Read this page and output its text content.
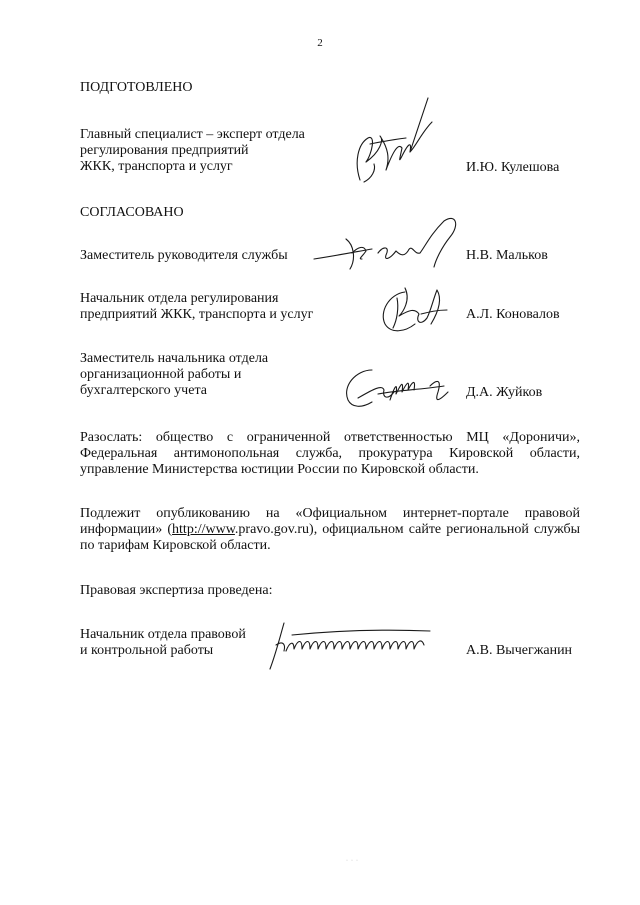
2
ПОДГОТОВЛЕНО
Главный специалист – эксперт отдела
регулирования предприятий
ЖКК, транспорта и услуг	И.Ю. Кулешова
СОГЛАСОВАНО
Заместитель руководителя службы	Н.В. Мальков
Начальник отдела регулирования
предприятий ЖКК, транспорта и услуг	А.Л. Коновалов
Заместитель начальника отдела
организационной работы и
бухгалтерского учета	Д.А. Жуйков
Разослать: общество с ограниченной ответственностью МЦ «Дороничи», Федеральная антимонопольная служба, прокуратура Кировской области, управление Министерства юстиции России по Кировской области.
Подлежит опубликованию на «Официальном интернет-портале правовой информации» (http://www.pravo.gov.ru), официальном сайте региональной службы по тарифам Кировской области.
Правовая экспертиза проведена:
Начальник отдела правовой
и контрольной работы	А.В. Вычегжанин
···
